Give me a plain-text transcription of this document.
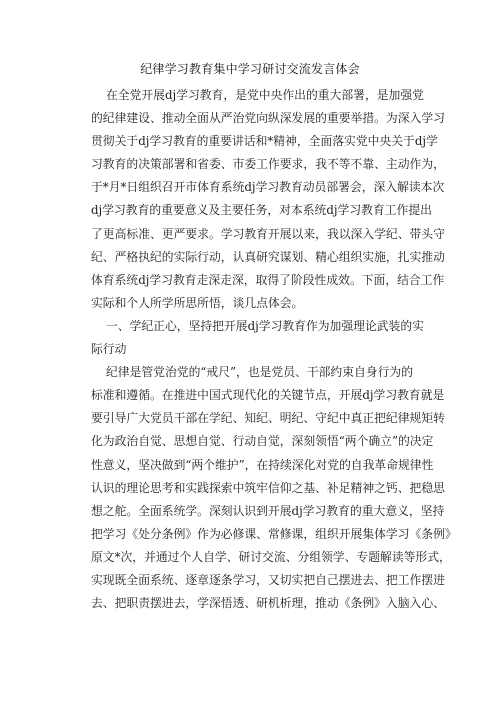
纪律学习教育集中学习研讨交流发言体会
在全党开展dj学习教育，是党中央作出的重大部署，是加强党
的纪律建设、推动全面从严治党向纵深发展的重要举措。为深入学习
贯彻关于dj学习教育的重要讲话和*精神，全面落实党中央关于dj学
习教育的决策部署和省委、市委工作要求，我不等不靠、主动作为，
于*月*日组织召开市体育系统dj学习教育动员部署会，深入解读本次
dj学习教育的重要意义及主要任务，对本系统dj学习教育工作提出
了更高标准、更严要求。学习教育开展以来，我以深入学纪、带头守
纪、严格执纪的实际行动，认真研究谋划、精心组织实施，扎实推动
体育系统dj学习教育走深走深，取得了阶段性成效。下面，结合工作
实际和个人所学所思所悟，谈几点体会。
一、学纪正心，坚持把开展dj学习教育作为加强理论武装的实
际行动
纪律是管党治党的“戒尺”，也是党员、干部约束自身行为的
标准和遵循。在推进中国式现代化的关键节点，开展dj学习教育就是
要引导广大党员干部在学纪、知纪、明纪、守纪中真正把纪律规矩转
化为政治自觉、思想自觉、行动自觉，深刻领悟“两个确立”的决定
性意义，坚决做到“两个维护”，在持续深化对党的自我革命规律性
认识的理论思考和实践探索中筑牢信仰之基、补足精神之钙、把稳思
想之舵。全面系统学。深刻认识到开展dj学习教育的重大意义，坚持
把学习《处分条例》作为必修课、常修课，组织开展集体学习《条例》
原文*次，并通过个人自学、研讨交流、分组领学、专题解读等形式，
实现既全面系统、逐章逐条学习，又切实把自己摆进去、把工作摆进
去、把职责摆进去，学深悟透、研机析理，推动《条例》入脑入心、
